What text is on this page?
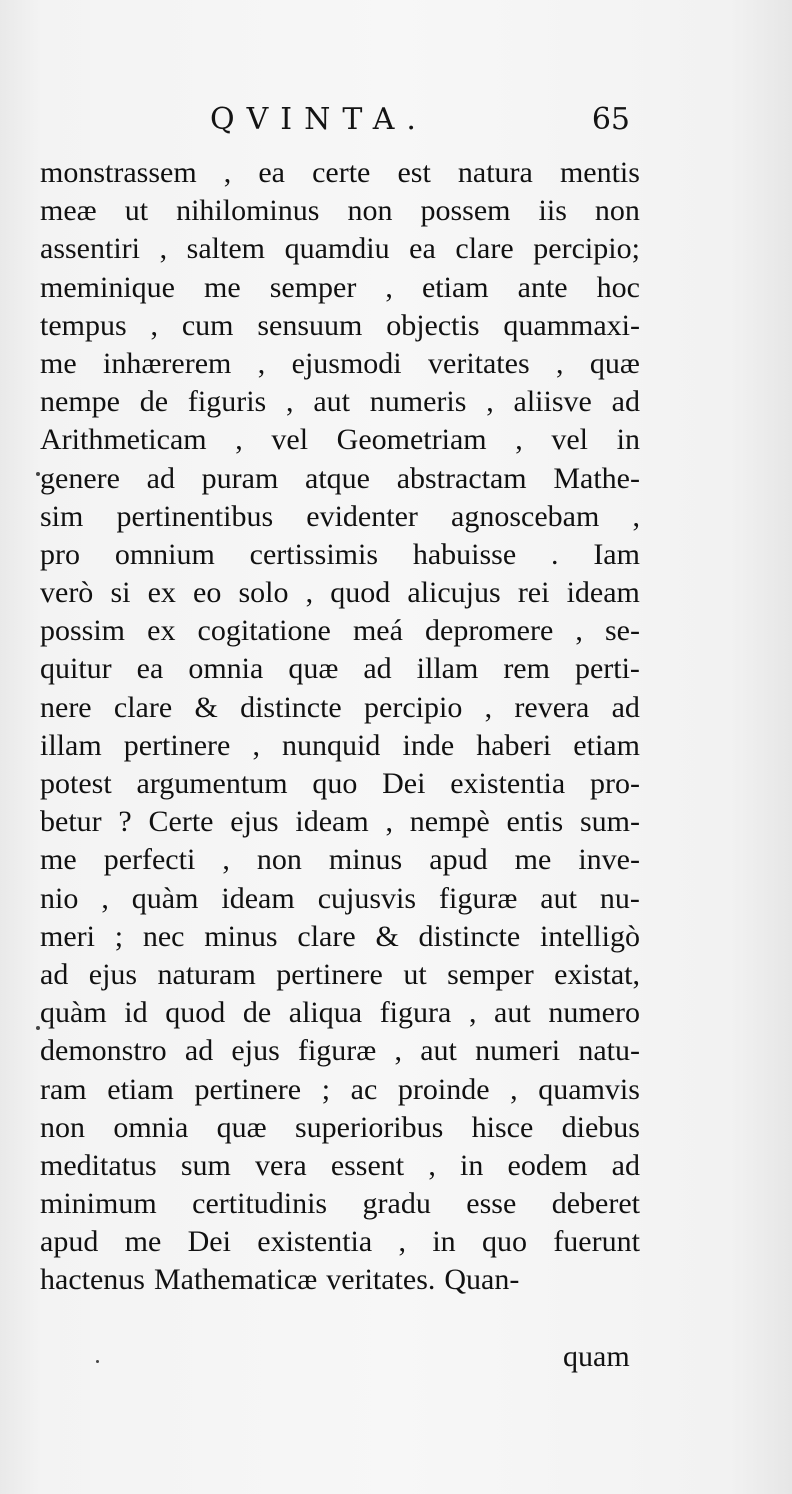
QVINTA.	65
monstrassem , ea certe est natura mentis
meæ ut nihilominus non possem iis non
assentiri , saltem quamdiu ea clare percipio;
meminique me semper , etiam ante hoc
tempus , cum sensuum objectis quammaxi-
me inhærerem , ejusmodi veritates , quæ
nempe de figuris , aut numeris , aliisve ad
Arithmeticam , vel Geometriam , vel in
genere ad puram atque abstractam Mathe-
sim pertinentibus evidenter agnoscebam ,
pro omnium certissimis habuisse . Iam
verò si ex eo solo , quod alicujus rei ideam
possim ex cogitatione meá depromere , se-
quitur ea omnia quæ ad illam rem perti-
nere clare & distincte percipio , revera ad
illam pertinere , nunquid inde haberi etiam
potest argumentum quo Dei existentia pro-
betur ? Certe ejus ideam , nempè entis sum-
me perfecti , non minus apud me inve-
nio , quàm ideam cujusvis figuræ aut nu-
meri ; nec minus clare & distincte intelligò
ad ejus naturam pertinere ut semper existat,
quàm id quod de aliqua figura , aut numero
demonstro ad ejus figuræ , aut numeri natu-
ram etiam pertinere ; ac proinde , quamvis
non omnia quæ superioribus hisce diebus
meditatus sum vera essent , in eodem ad
minimum certitudinis gradu esse deberet
apud me Dei existentia , in quo fuerunt
hactenus Mathematicæ veritates. Quan-
quam
